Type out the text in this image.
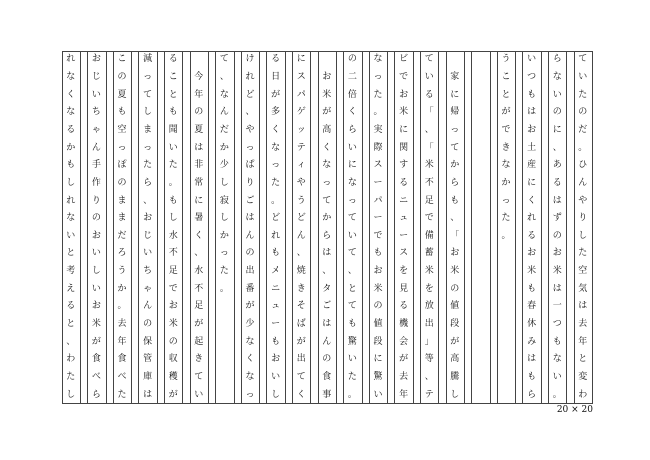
て
い
た
の
だ
。
ひ
ん
や
り
し
た
空
気
は
去
年
と
変
わ
ら
な
い
の
に
、
あ
る
は
ず
の
お
米
は
一
つ
も
な
い
。
い
つ
も
は
お
土
産
に
く
れ
る
お
米
も
春
休
み
は
も
ら
う
こ
と
が
で
き
な
か
っ
た
。
家
に
帰
っ
て
か
ら
も
、
「
お
米
の
値
段
が
高
騰
し
て
い
る
「
、
「
米
不
足
で
備
蓄
米
を
放
出
」
等
、
テ
ビ
で
お
米
に
関
す
る
ニ
ュ
ー
ス
を
見
る
機
会
が
去
年
な
っ
た
。
実
際
ス
ー
パ
ー
で
も
お
米
の
値
段
に
驚
い
の
二
倍
く
ら
い
に
な
っ
て
い
て
、
と
て
も
驚
い
た
。
お
米
が
高
く
な
っ
て
か
ら
は
、
タ
ご
は
ん
の
食
事
に
ス
パ
ゲ
ッ
テ
ィ
や
う
ど
ん
、
焼
き
そ
ば
が
出
て
く
る
日
が
多
く
な
っ
た
。
ど
れ
も
メ
ニ
ュ
ー
も
お
い
し
け
れ
ど
、
や
っ
ぱ
り
ご
は
ん
の
出
番
が
少
な
く
な
っ
て
、
な
ん
だ
か
少
し
寂
し
か
っ
た
。
今
年
の
夏
は
非
常
に
暑
く
、
水
不
足
が
起
き
て
い
る
こ
と
も
聞
い
た
。
も
し
水
不
足
で
お
米
の
収
穫
が
減
っ
て
し
ま
っ
た
ら
、
お
じ
い
ち
ゃ
ん
の
保
管
庫
は
こ
の
夏
も
空
っ
ぽ
の
ま
ま
だ
ろ
う
か
。
去
年
食
べ
た
お
じ
い
ち
ゃ
ん
手
作
り
の
お
い
し
い
お
米
が
食
べ
ら
れ
な
く
な
る
か
も
し
れ
な
い
と
考
え
る
と
、
わ
た
し
20 × 20
